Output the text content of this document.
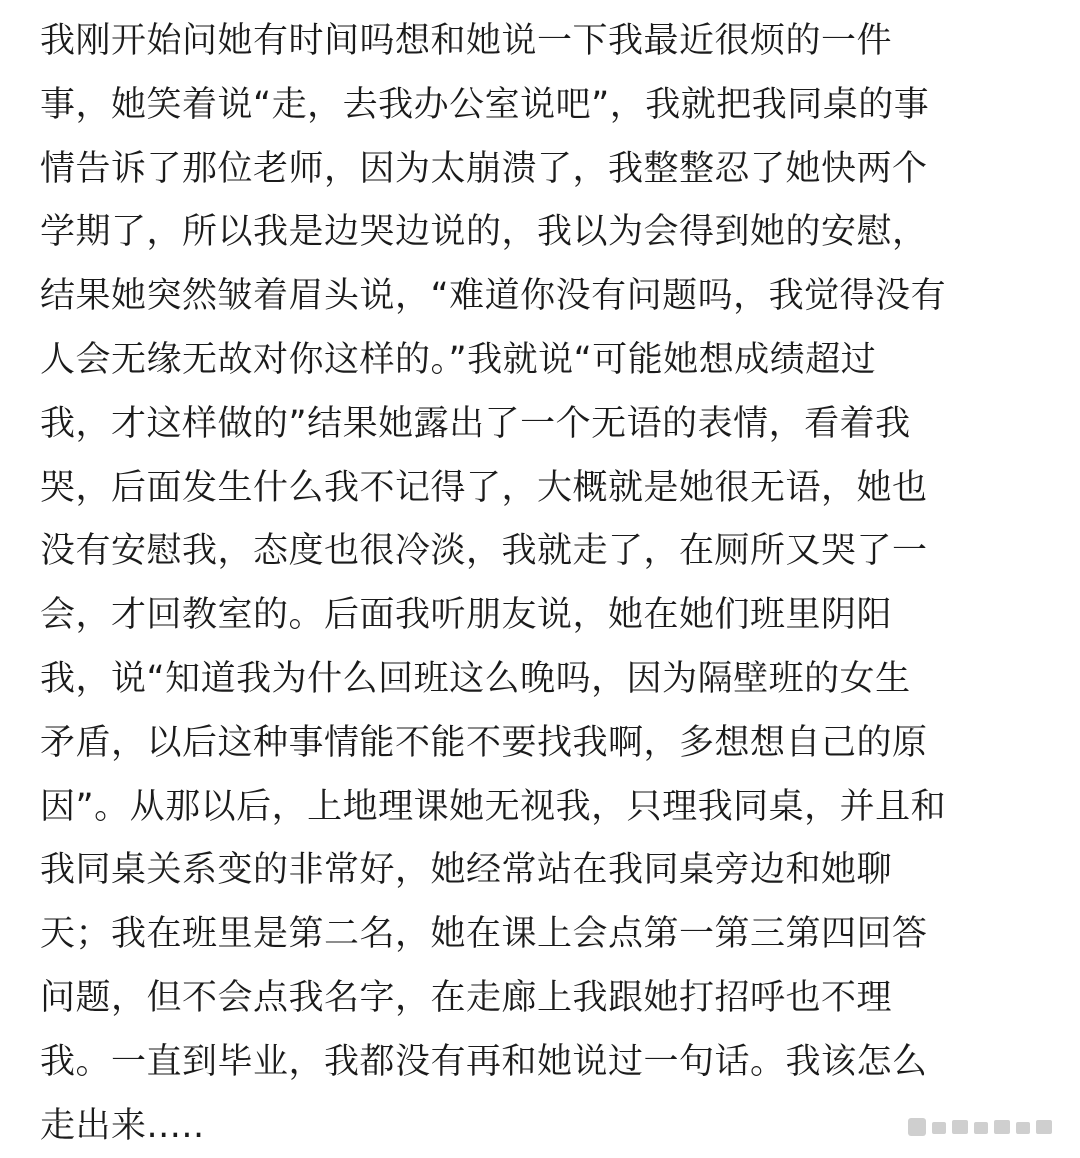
我刚开始问她有时间吗想和她说一下我最近很烦的一件
事，她笑着说“走，去我办公室说吧”，我就把我同桌的事
情告诉了那位老师，因为太崩溃了，我整整忍了她快两个
学期了，所以我是边哭边说的，我以为会得到她的安慰，
结果她突然皱着眉头说，“难道你没有问题吗，我觉得没有
人会无缘无故对你这样的。”我就说“可能她想成绩超过
我，才这样做的”结果她露出了一个无语的表情，看着我
哭，后面发生什么我不记得了，大概就是她很无语，她也
没有安慰我，态度也很冷淡，我就走了，在厕所又哭了一
会，才回教室的。后面我听朋友说，她在她们班里阴阳
我，说“知道我为什么回班这么晚吗，因为隔壁班的女生
矛盾，以后这种事情能不能不要找我啊，多想想自己的原
因”。从那以后，上地理课她无视我，只理我同桌，并且和
我同桌关系变的非常好，她经常站在我同桌旁边和她聊
天；我在班里是第二名，她在课上会点第一第三第四回答
问题，但不会点我名字，在走廊上我跟她打招呼也不理
我。一直到毕业，我都没有再和她说过一句话。我该怎么
走出来.....
